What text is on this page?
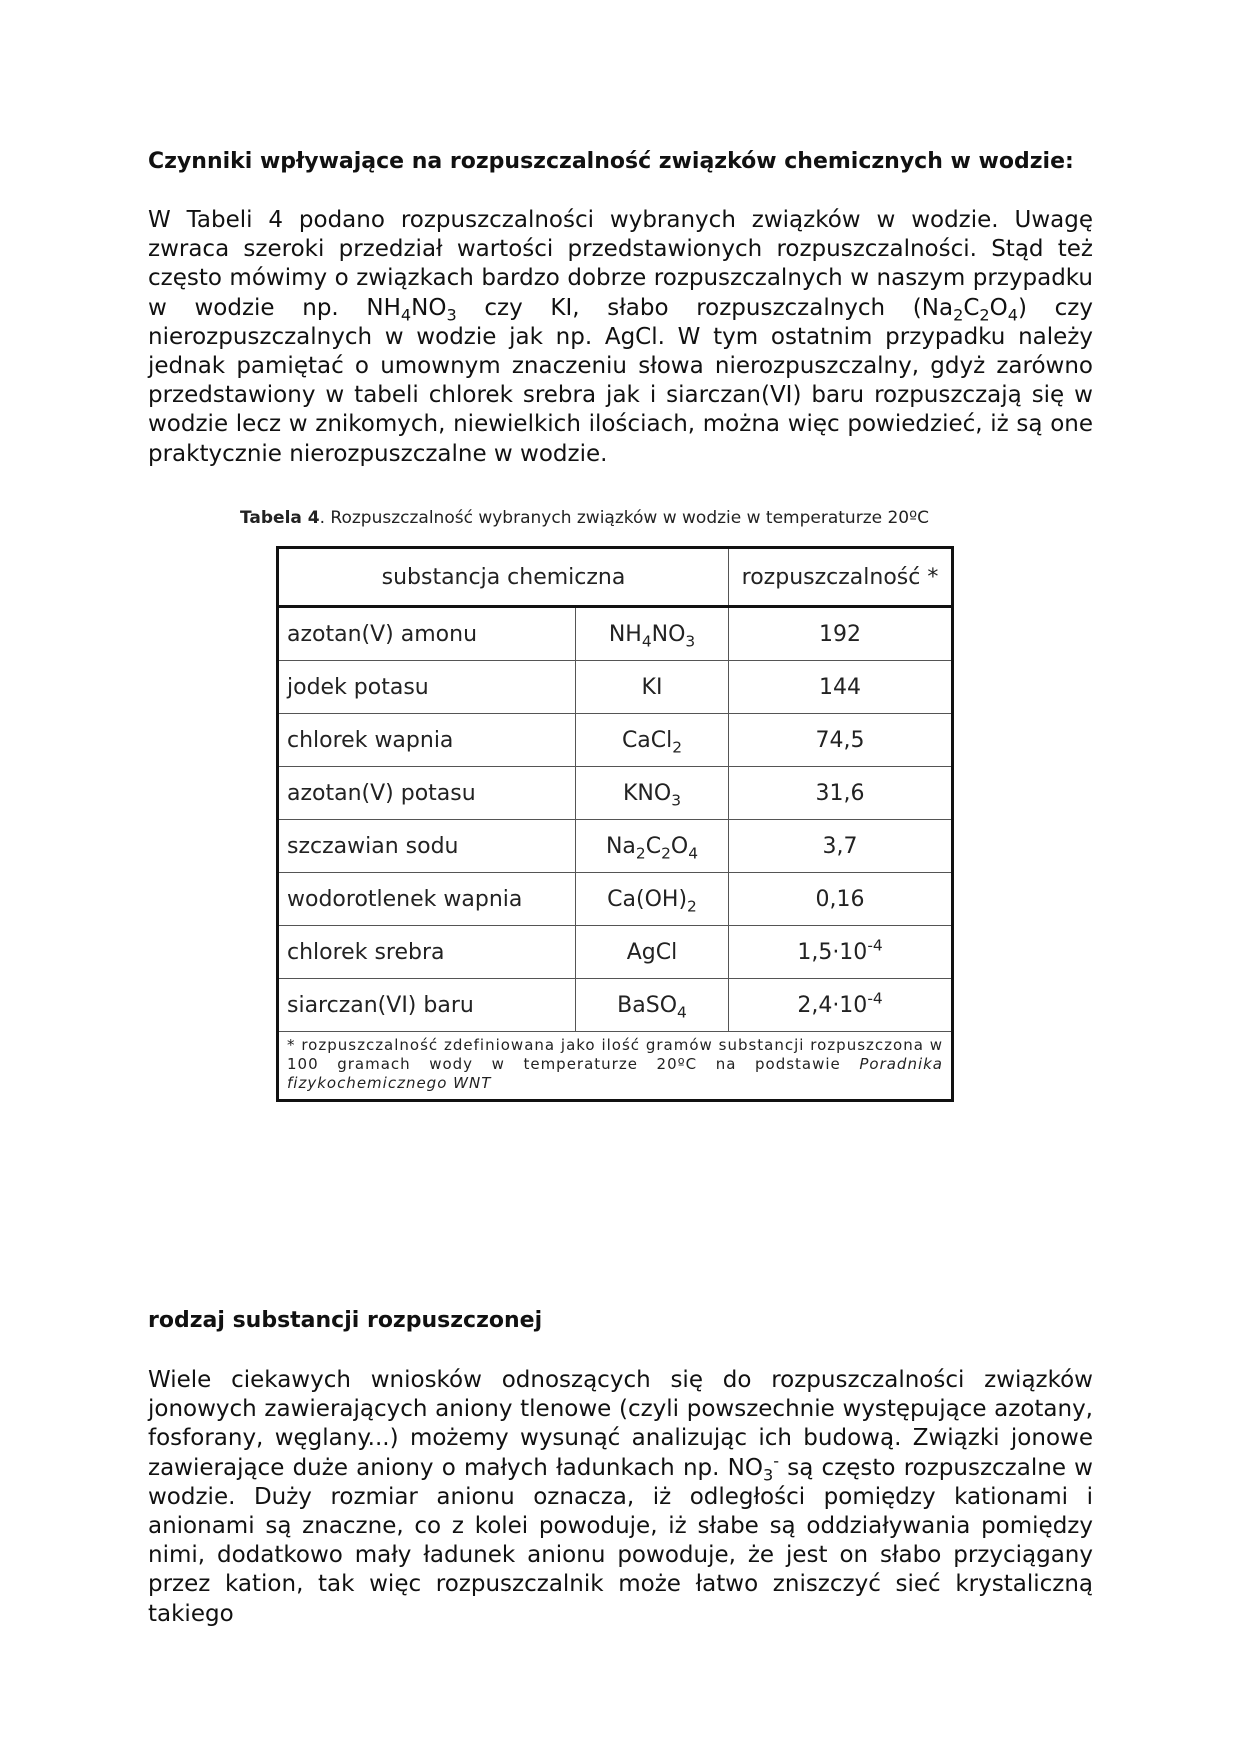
Czynniki wpływające na rozpuszczalność związków chemicznych w wodzie:

W Tabeli 4 podano rozpuszczalności wybranych związków w wodzie. Uwagę zwraca szeroki przedział wartości przedstawionych rozpuszczalności. Stąd też często mówimy o związkach bardzo dobrze rozpuszczalnych w naszym przypadku w wodzie np. $NH_4NO_3$ czy KI, słabo rozpuszczalnych $(Na_2C_2O_4)$ czy nierozpuszczalnych w wodzie jak np. AgCl. W tym ostatnim przypadku należy jednak pamiętać o umownym znaczeniu słowa nierozpuszczalny, gdyż zarówno przedstawiony w tabeli chlorek srebra jak i siarczan(VI) baru rozpuszczają się w wodzie lecz w znikomych, niewielkich ilościach, można więc powiedzieć, iż są one praktycznie nierozpuszczalne w wodzie.

Tabela 4. Rozpuszczalność wybranych związków w wodzie w temperaturze 20ºC
substancja chemiczna		rozpuszczalność *
azotan(V) amonu	$NH_4NO_3$	192
jodek potasu	KI	144
chlorek wapnia	CaCl$_2$	74,5
azotan(V) potasu	$KNO_3$	31,6
szczawian sodu	$Na_2C_2O_4$	3,7
wodorotlenek wapnia	$Ca(OH)_2$	0,16
chlorek srebra	AgCl	$1,5\cdot 10^{-4}$
siarczan(VI) baru	BaSO$_4$	$2,4\cdot 10^{-4}$
* rozpuszczalność zdefiniowana jako ilość gramów substancji rozpuszczona w 100 gramach wody w temperaturze 20ºC na podstawie Poradnika fizykochemicznego WNT		
rodzaj substancji rozpuszczonej

Wiele ciekawych wniosków odnoszących się do rozpuszczalności związków jonowych zawierających aniony tlenowe (czyli powszechnie występujące azotany, fosforany, węglany...) możemy wysunąć analizując ich budową. Związki jonowe zawierające duże aniony o małych ładunkach np. $NO_3^-$ są często rozpuszczalne w wodzie. Duży rozmiar anionu oznacza, iż odległości pomiędzy kationami i anionami są znaczne, co z kolei powoduje, iż słabe są oddziaływania pomiędzy nimi, dodatkowo mały ładunek anionu powoduje, że jest on słabo przyciągany przez kation, tak więc rozpuszczalnik może łatwo zniszczyć sieć krystaliczną takiego
